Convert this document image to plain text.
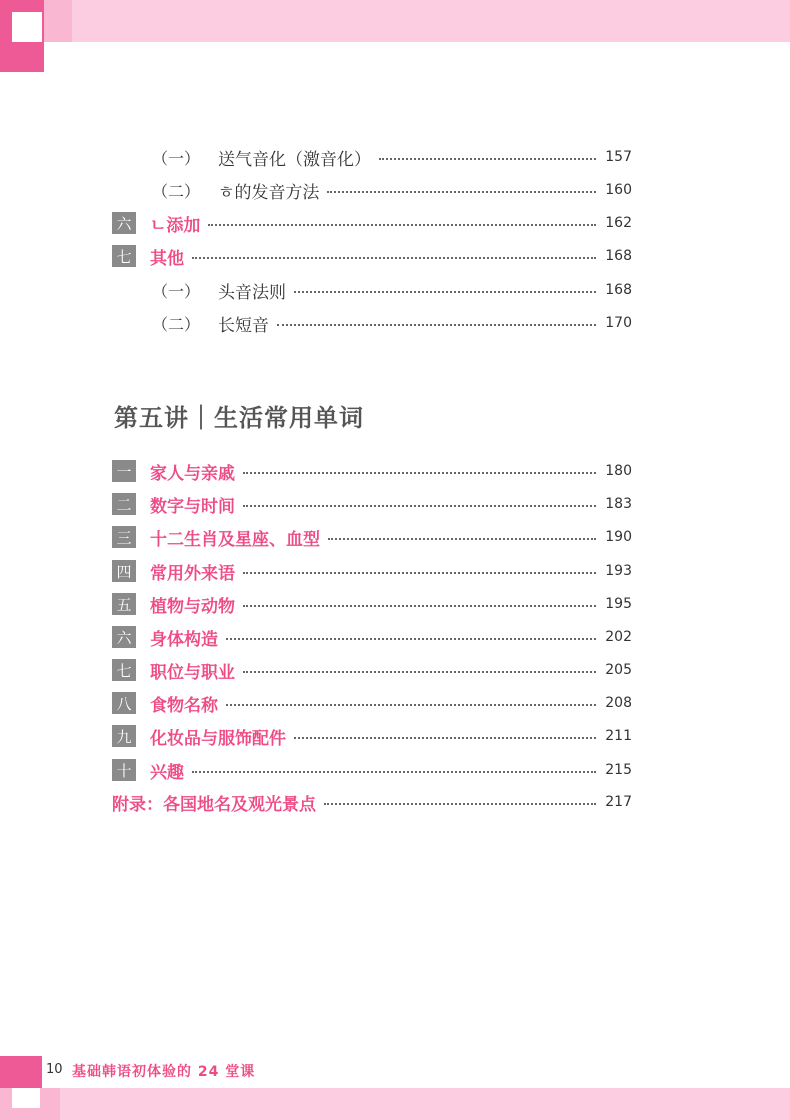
（一） 送气音化（激音化）	157
（二） ㅎ的发音方法	160
六 ㄴ添加	162
七 其他	168
（一） 头音法则	168
（二） 长短音	170
第五讲｜生活常用单词
一 家人与亲戚	180
二 数字与时间	183
三 十二生肖及星座、血型	190
四 常用外来语	193
五 植物与动物	195
六 身体构造	202
七 职位与职业	205
八 食物名称	208
九 化妆品与服饰配件	211
十 兴趣	215
附录：各国地名及观光景点	217
10 基础韩语初体验的 24 堂课
